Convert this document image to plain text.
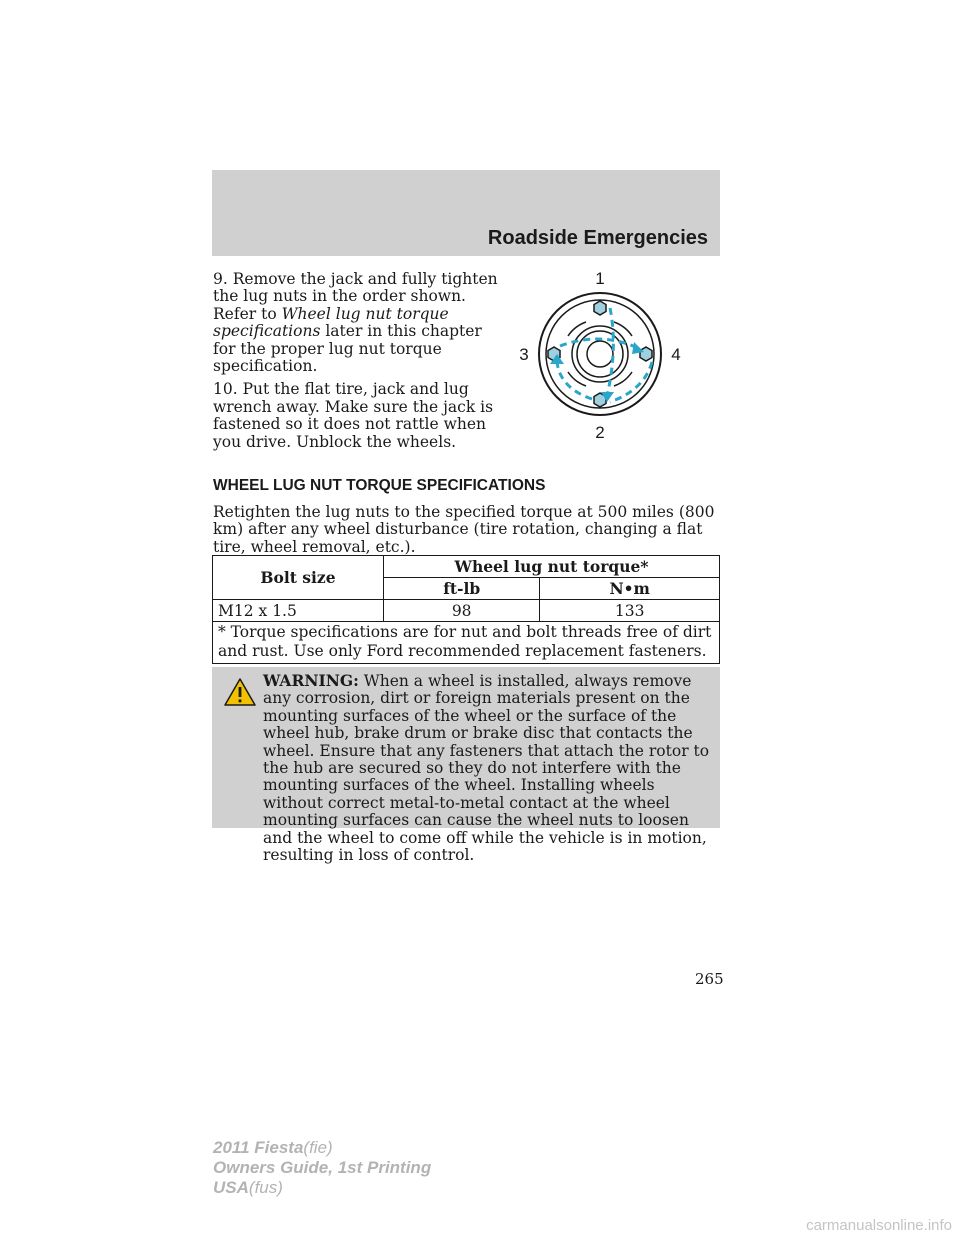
Roadside Emergencies

9. Remove the jack and fully tighten the lug nuts in the order shown. Refer to Wheel lug nut torque specifications later in this chapter for the proper lug nut torque specification.

10. Put the flat tire, jack and lug wrench away. Make sure the jack is fastened so it does not rattle when you drive. Unblock the wheels.

1
2
3	4
WHEEL LUG NUT TORQUE SPECIFICATIONS
Retighten the lug nuts to the specified torque at 500 miles (800 km) after any wheel disturbance (tire rotation, changing a flat tire, wheel removal, etc.).
Bolt size	Wheel lug nut torque*	
	ft-lb	N•m
M12 x 1.5	98	133
* Torque specifications are for nut and bolt threads free of dirt and rust. Use only Ford recommended replacement fasteners.		
WARNING: When a wheel is installed, always remove any corrosion, dirt or foreign materials present on the mounting surfaces of the wheel or the surface of the wheel hub, brake drum or brake disc that contacts the wheel. Ensure that any fasteners that attach the rotor to the hub are secured so they do not interfere with the mounting surfaces of the wheel. Installing wheels without correct metal-to-metal contact at the wheel mounting surfaces can cause the wheel nuts to loosen and the wheel to come off while the vehicle is in motion, resulting in loss of control.
265
2011 Fiesta(fie)
Owners Guide, 1st Printing
USA(fus)
carmanualsonline.info
